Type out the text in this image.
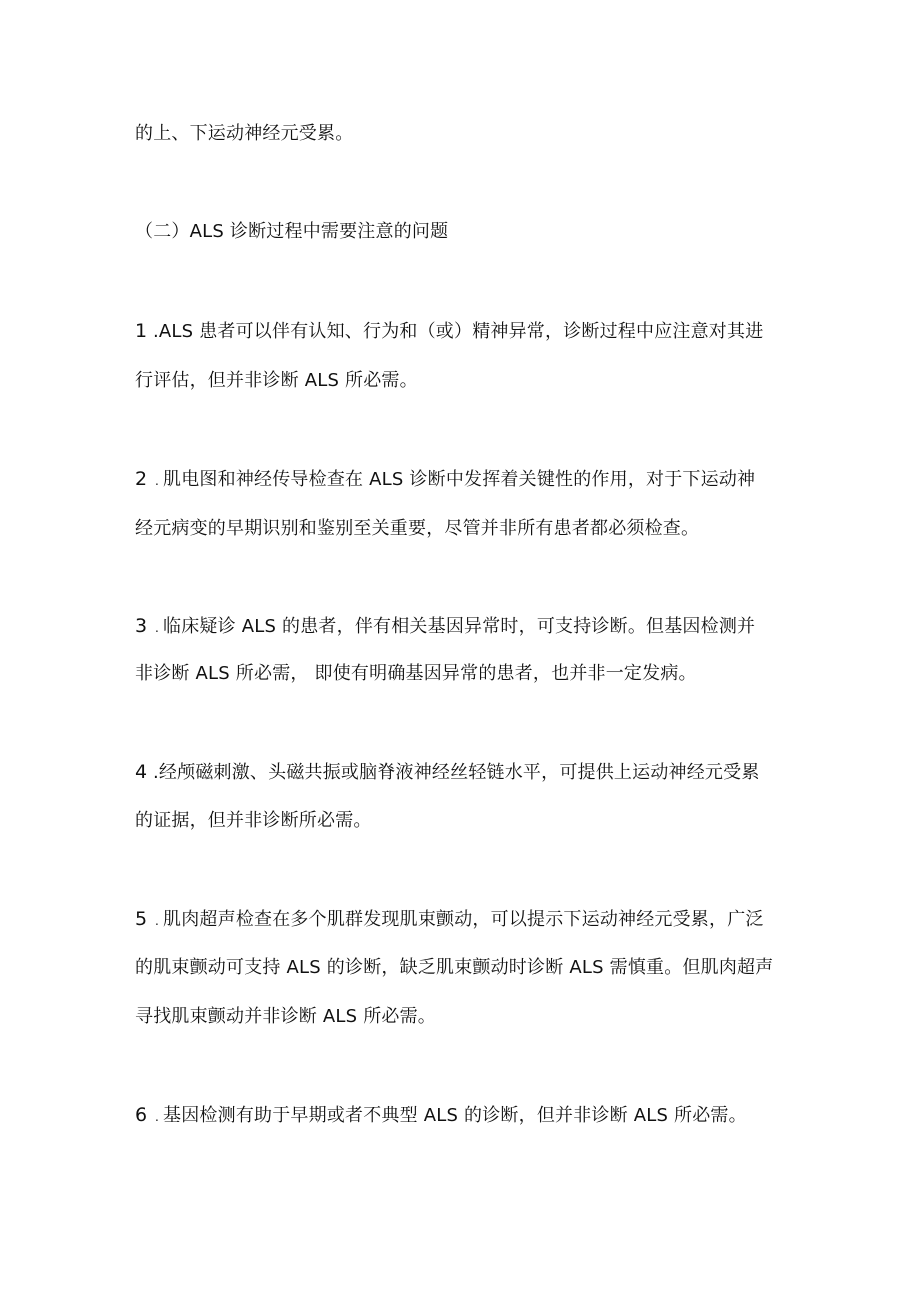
的上、下运动神经元受累。
（二）ALS 诊断过程中需要注意的问题
1 .ALS 患者可以伴有认知、行为和（或）精神异常，诊断过程中应注意对其进
行评估，但并非诊断 ALS 所必需。
2 . 肌电图和神经传导检查在 ALS 诊断中发挥着关键性的作用，对于下运动神
经元病变的早期识别和鉴别至关重要，尽管并非所有患者都必须检查。
3 . 临床疑诊 ALS 的患者，伴有相关基因异常时，可支持诊断。但基因检测并
非诊断 ALS 所必需， 即使有明确基因异常的患者，也并非一定发病。
4 .经颅磁刺激、头磁共振或脑脊液神经丝轻链水平，可提供上运动神经元受累
的证据，但并非诊断所必需。
5 . 肌肉超声检查在多个肌群发现肌束颤动，可以提示下运动神经元受累，广泛
的肌束颤动可支持 ALS 的诊断，缺乏肌束颤动时诊断 ALS 需慎重。但肌肉超声
寻找肌束颤动并非诊断 ALS 所必需。
6 . 基因检测有助于早期或者不典型 ALS 的诊断，但并非诊断 ALS 所必需。
